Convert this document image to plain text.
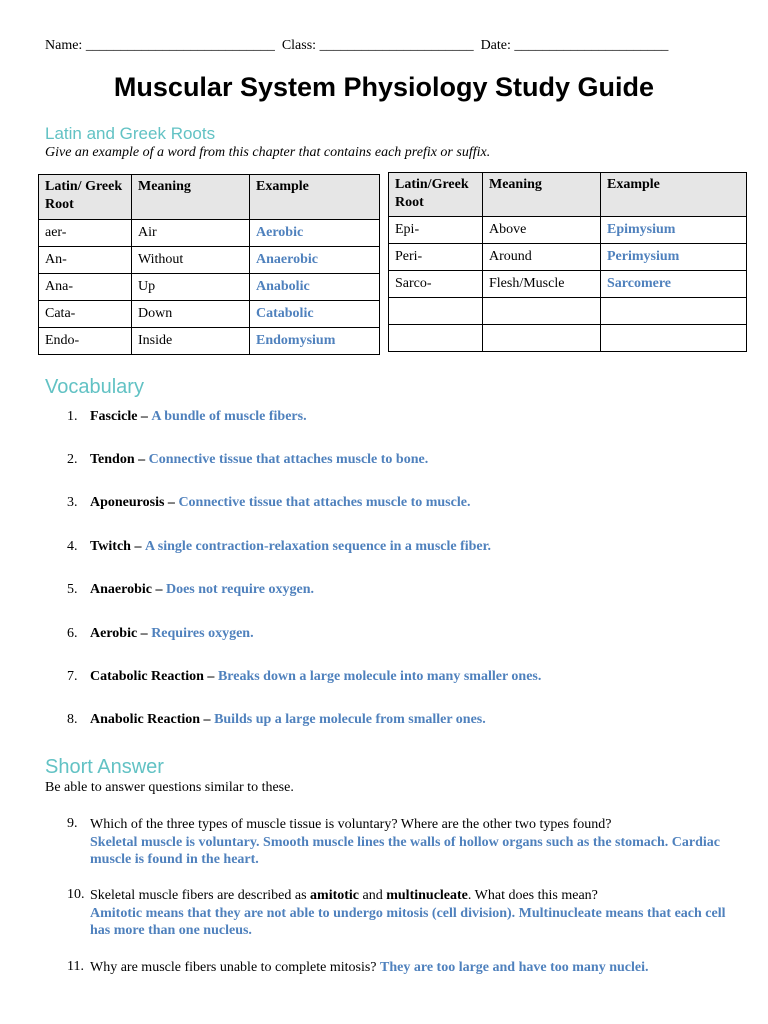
Name: ___________________________ Class: ______________________ Date: ______________________
Muscular System Physiology Study Guide
Latin and Greek Roots
Give an example of a word from this chapter that contains each prefix or suffix.
Latin/ Greek Root	Meaning	Example
aer-	Air	Aerobic
An-	Without	Anaerobic
Ana-	Up	Anabolic
Cata-	Down	Catabolic
Endo-	Inside	Endomysium
Latin/Greek Root	Meaning	Example
Epi-	Above	Epimysium
Peri-	Around	Perimysium
Sarco-	Flesh/Muscle	Sarcomere

Vocabulary
1. Fascicle – A bundle of muscle fibers.
2. Tendon – Connective tissue that attaches muscle to bone.
3. Aponeurosis – Connective tissue that attaches muscle to muscle.
4. Twitch – A single contraction-relaxation sequence in a muscle fiber.
5. Anaerobic – Does not require oxygen.
6. Aerobic – Requires oxygen.
7. Catabolic Reaction – Breaks down a large molecule into many smaller ones.
8. Anabolic Reaction – Builds up a large molecule from smaller ones.
Short Answer
Be able to answer questions similar to these.
9. Which of the three types of muscle tissue is voluntary? Where are the other two types found?
Skeletal muscle is voluntary. Smooth muscle lines the walls of hollow organs such as the stomach. Cardiac muscle is found in the heart.
10. Skeletal muscle fibers are described as amitotic and multinucleate. What does this mean?
Amitotic means that they are not able to undergo mitosis (cell division). Multinucleate means that each cell has more than one nucleus.
11. Why are muscle fibers unable to complete mitosis? They are too large and have too many nuclei.
